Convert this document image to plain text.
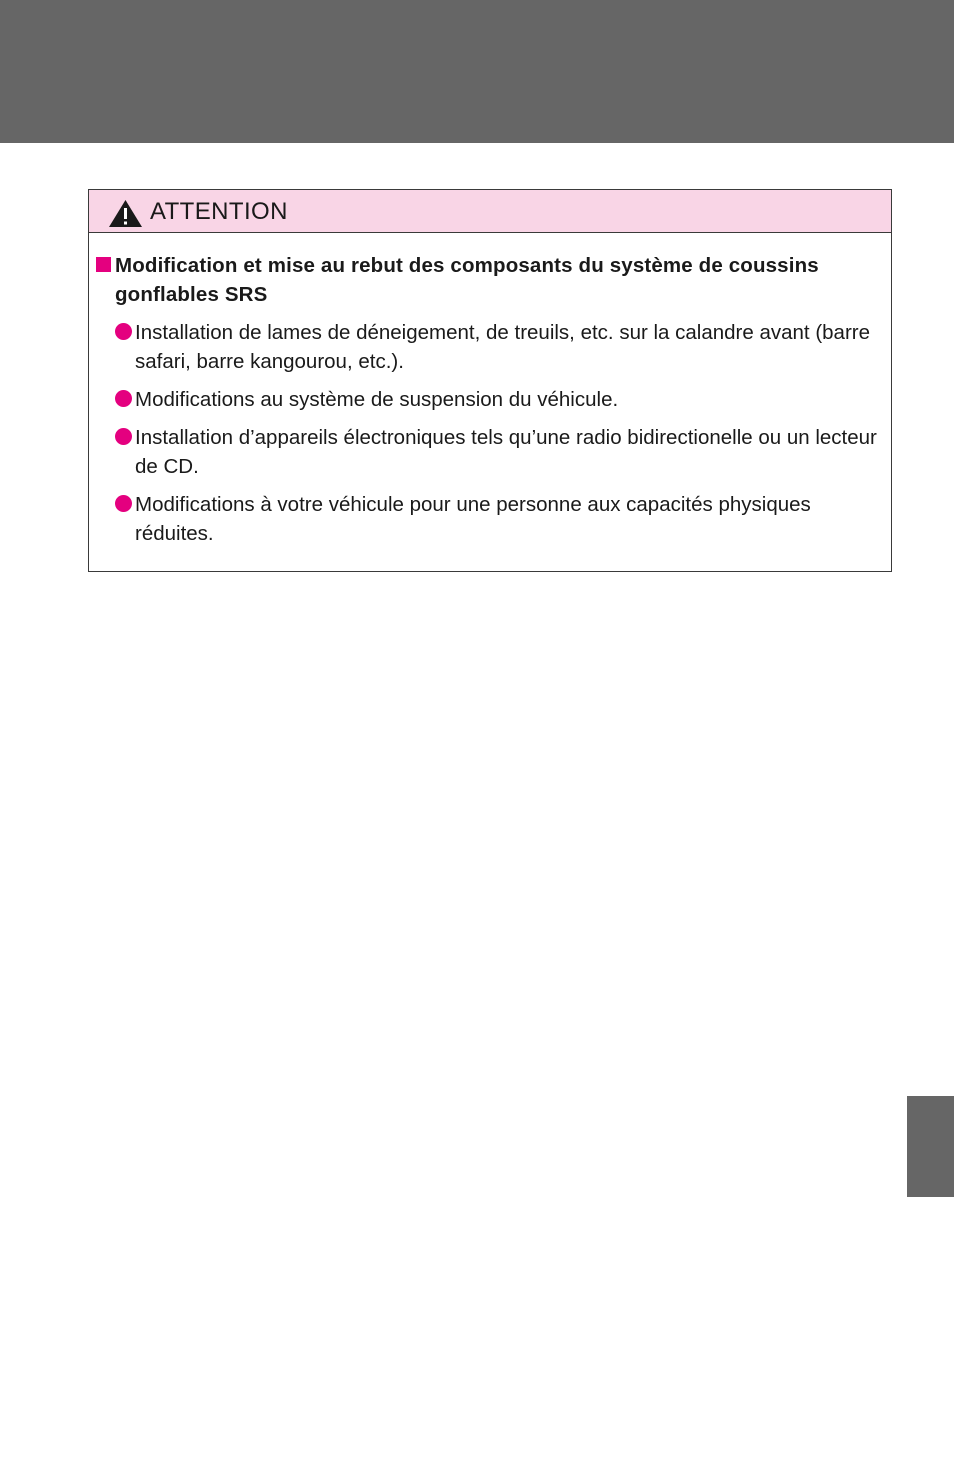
ATTENTION
Modification et mise au rebut des composants du système de coussins gonflables SRS
Installation de lames de déneigement, de treuils, etc. sur la calandre avant (barre safari, barre kangourou, etc.).
Modifications au système de suspension du véhicule.
Installation d’appareils électroniques tels qu’une radio bidirectionelle ou un lecteur de CD.
Modifications à votre véhicule pour une personne aux capacités physiques réduites.
